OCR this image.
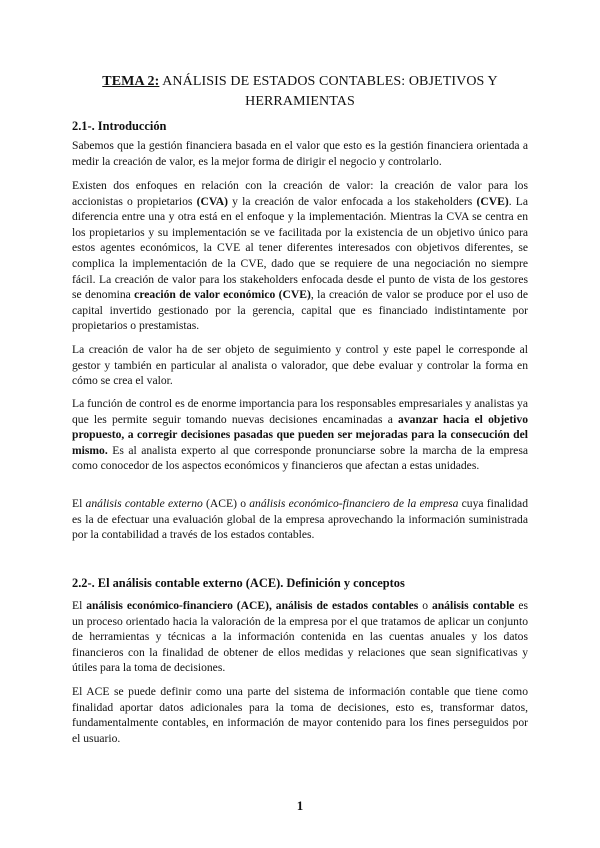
TEMA 2: ANÁLISIS DE ESTADOS CONTABLES: OBJETIVOS Y HERRAMIENTAS
2.1-. Introducción

Sabemos que la gestión financiera basada en el valor que esto es la gestión financiera orientada a medir la creación de valor, es la mejor forma de dirigir el negocio y controlarlo.

Existen dos enfoques en relación con la creación de valor: la creación de valor para los accionistas o propietarios (CVA) y la creación de valor enfocada a los stakeholders (CVE). La diferencia entre una y otra está en el enfoque y la implementación. Mientras la CVA se centra en los propietarios y su implementación se ve facilitada por la existencia de un objetivo único para estos agentes económicos, la CVE al tener diferentes interesados con objetivos diferentes, se complica la implementación de la CVE, dado que se requiere de una negociación no siempre fácil. La creación de valor para los stakeholders enfocada desde el punto de vista de los gestores se denomina creación de valor económico (CVE), la creación de valor se produce por el uso de capital invertido gestionado por la gerencia, capital que es financiado indistintamente por propietarios o prestamistas.

La creación de valor ha de ser objeto de seguimiento y control y este papel le corresponde al gestor y también en particular al analista o valorador, que debe evaluar y controlar la forma en cómo se crea el valor.

La función de control es de enorme importancia para los responsables empresariales y analistas ya que les permite seguir tomando nuevas decisiones encaminadas a avanzar hacia el objetivo propuesto, a corregir decisiones pasadas que pueden ser mejoradas para la consecución del mismo. Es al analista experto al que corresponde pronunciarse sobre la marcha de la empresa como conocedor de los aspectos económicos y financieros que afectan a estas unidades.

El análisis contable externo (ACE) o análisis económico-financiero de la empresa cuya finalidad es la de efectuar una evaluación global de la empresa aprovechando la información suministrada por la contabilidad a través de los estados contables.

2.2-. El análisis contable externo (ACE). Definición y conceptos

El análisis económico-financiero (ACE), análisis de estados contables o análisis contable es un proceso orientado hacia la valoración de la empresa por el que tratamos de aplicar un conjunto de herramientas y técnicas a la información contenida en las cuentas anuales y los datos financieros con la finalidad de obtener de ellos medidas y relaciones que sean significativas y útiles para la toma de decisiones.

El ACE se puede definir como una parte del sistema de información contable que tiene como finalidad aportar datos adicionales para la toma de decisiones, esto es, transformar datos, fundamentalmente contables, en información de mayor contenido para los fines perseguidos por el usuario.

1
